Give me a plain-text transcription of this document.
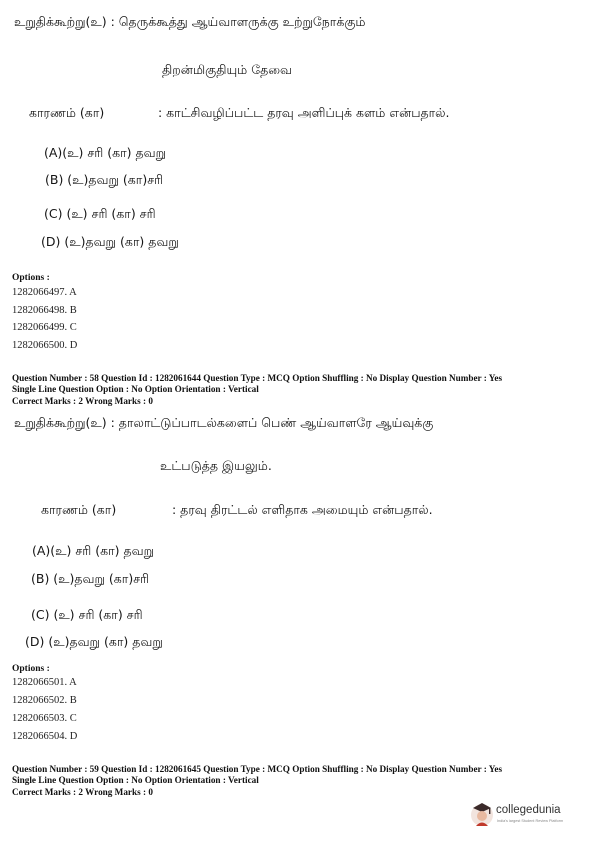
உறுதிக்கூற்று(உ) : தெருக்கூத்து ஆய்வாளருக்கு உற்றுநோக்கும்
திறன்மிகுதியும் தேவை
காரணம் (கா)	: காட்சிவழிப்பட்ட தரவு அளிப்புக் களம் என்பதால்.
(A)(உ) சரி (கா) தவறு
(B) (உ)தவறு (கா)சரி
(C) (உ) சரி (கா) சரி
(D) (உ)தவறு (கா) தவறு
Options :
1282066497. A
1282066498. B
1282066499. C
1282066500. D
Question Number : 58 Question Id : 1282061644 Question Type : MCQ Option Shuffling : No Display Question Number : Yes
Single Line Question Option : No Option Orientation : Vertical
Correct Marks : 2 Wrong Marks : 0
உறுதிக்கூற்று(உ) : தாலாட்டுப்பாடல்களைப் பெண் ஆய்வாளரே ஆய்வுக்கு
உட்படுத்த இயலும்.
காரணம் (கா)	: தரவு திரட்டல் எளிதாக அமையும் என்பதால்.
(A)(உ) சரி (கா) தவறு
(B) (உ)தவறு (கா)சரி
(C) (உ) சரி (கா) சரி
(D) (உ)தவறு (கா) தவறு
Options :
1282066501. A
1282066502. B
1282066503. C
1282066504. D
Question Number : 59 Question Id : 1282061645 Question Type : MCQ Option Shuffling : No Display Question Number : Yes
Single Line Question Option : No Option Orientation : Vertical
Correct Marks : 2 Wrong Marks : 0
collegedunia
India's largest Student Review Platform
